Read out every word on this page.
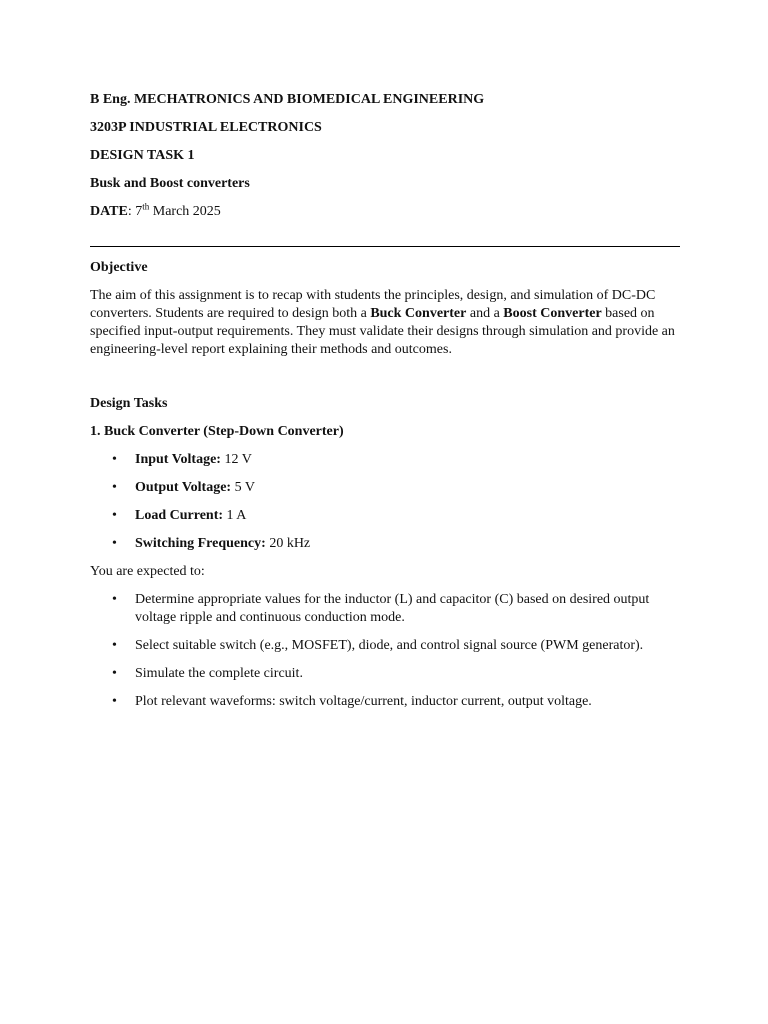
B Eng. MECHATRONICS AND BIOMEDICAL ENGINEERING
3203P INDUSTRIAL ELECTRONICS
DESIGN TASK 1
Busk and Boost converters
DATE: 7th March 2025
Objective

The aim of this assignment is to recap with students the principles, design, and simulation of DC-DC converters. Students are required to design both a Buck Converter and a Boost Converter based on specified input-output requirements. They must validate their designs through simulation and provide an engineering-level report explaining their methods and outcomes.

Design Tasks
1. Buck Converter (Step-Down Converter)
• Input Voltage: 12 V
• Output Voltage: 5 V
• Load Current: 1 A
• Switching Frequency: 20 kHz

You are expected to:

• Determine appropriate values for the inductor (L) and capacitor (C) based on desired output voltage ripple and continuous conduction mode.
• Select suitable switch (e.g., MOSFET), diode, and control signal source (PWM generator).
• Simulate the complete circuit.
• Plot relevant waveforms: switch voltage/current, inductor current, output voltage.
